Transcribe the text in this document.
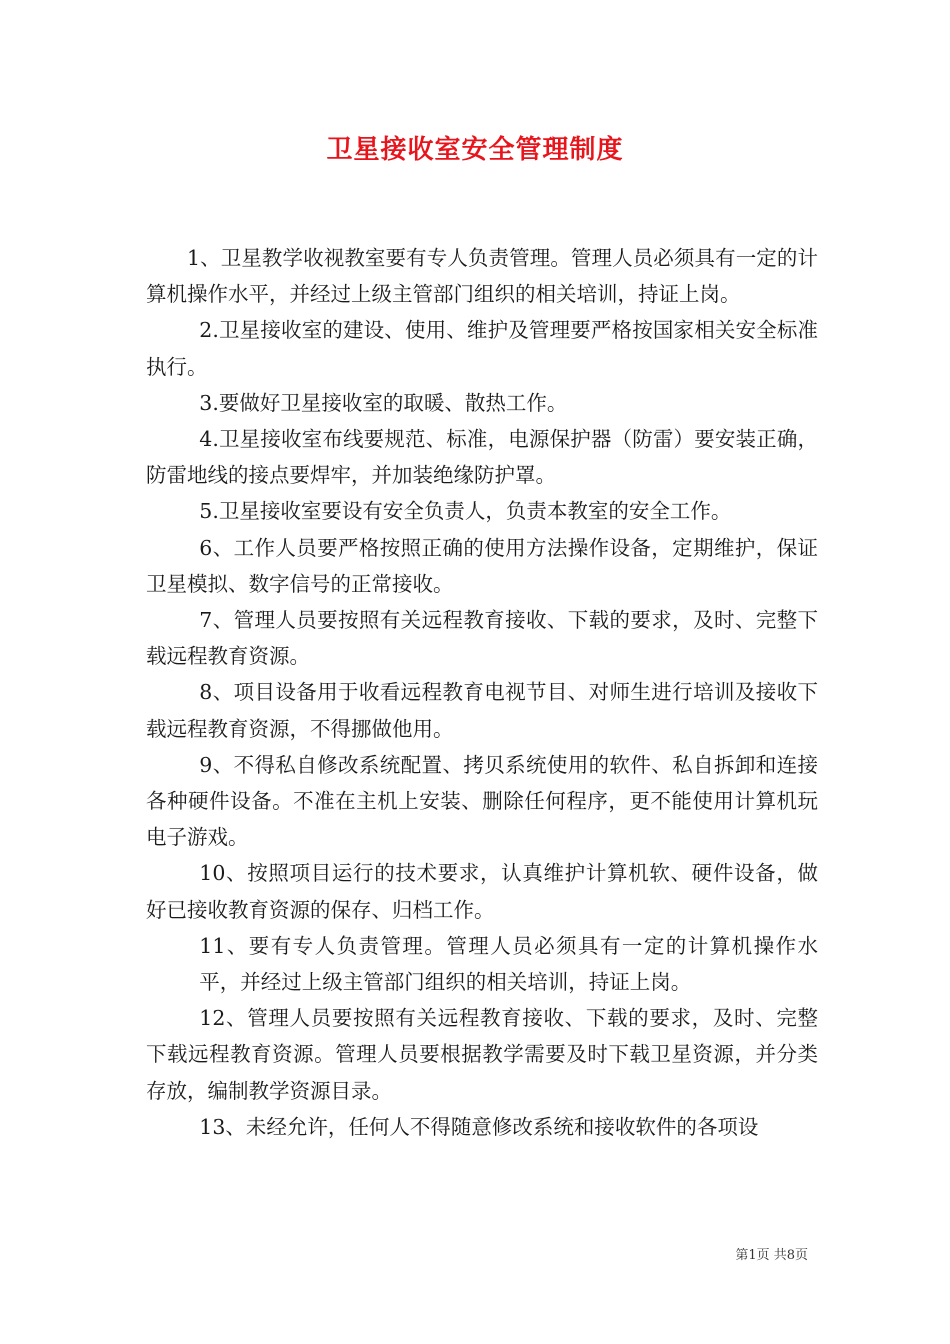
卫星接收室安全管理制度

1、卫星教学收视教室要有专人负责管理。管理人员必须具有一定的计算机操作水平，并经过上级主管部门组织的相关培训，持证上岗。

2.卫星接收室的建设、使用、维护及管理要严格按国家相关安全标准执行。

3.要做好卫星接收室的取暖、散热工作。

4.卫星接收室布线要规范、标准，电源保护器（防雷）要安装正确，防雷地线的接点要焊牢，并加装绝缘防护罩。

5.卫星接收室要设有安全负责人，负责本教室的安全工作。

6、工作人员要严格按照正确的使用方法操作设备，定期维护，保证卫星模拟、数字信号的正常接收。

7、管理人员要按照有关远程教育接收、下载的要求，及时、完整下载远程教育资源。

8、项目设备用于收看远程教育电视节目、对师生进行培训及接收下载远程教育资源，不得挪做他用。

9、不得私自修改系统配置、拷贝系统使用的软件、私自拆卸和连接各种硬件设备。不准在主机上安装、删除任何程序，更不能使用计算机玩电子游戏。

10、按照项目运行的技术要求，认真维护计算机软、硬件设备，做好已接收教育资源的保存、归档工作。

11、要有专人负责管理。管理人员必须具有一定的计算机操作水平，并经过上级主管部门组织的相关培训，持证上岗。

12、管理人员要按照有关远程教育接收、下载的要求，及时、完整下载远程教育资源。管理人员要根据教学需要及时下载卫星资源，并分类存放，编制教学资源目录。

13、未经允许，任何人不得随意修改系统和接收软件的各项设

第1页 共8页
